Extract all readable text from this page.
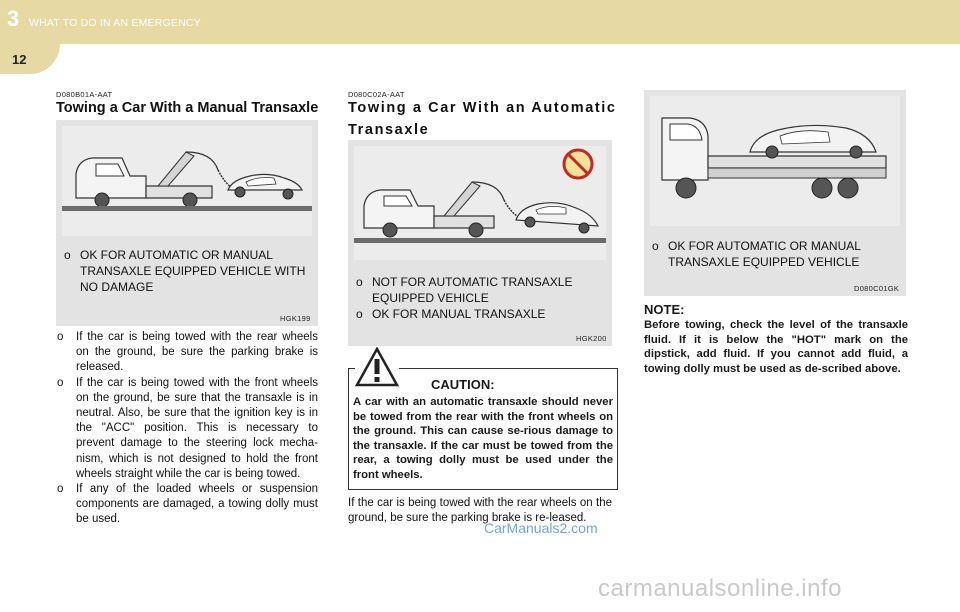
3 WHAT TO DO IN AN EMERGENCY
12
D080B01A-AAT
Towing a Car With a Manual Transaxle
o OK FOR AUTOMATIC OR MANUAL TRANSAXLE EQUIPPED VEHICLE WITH NO DAMAGE
HGK199
o If the car is being towed with the rear wheels on the ground, be sure the parking brake is released.
o If the car is being towed with the front wheels on the ground, be sure that the transaxle is in neutral. Also, be sure that the ignition key is in the "ACC" position. This is necessary to prevent damage to the steering lock mecha-nism, which is not designed to hold the front wheels straight while the car is being towed.
o If any of the loaded wheels or suspension components are damaged, a towing dolly must be used.
D080C02A-AAT
Towing a Car With an Automatic
Transaxle
o NOT FOR AUTOMATIC TRANSAXLE EQUIPPED VEHICLE
o OK FOR MANUAL TRANSAXLE
HGK200
CAUTION:
A car with an automatic transaxle should never be towed from the rear with the front wheels on the ground. This can cause se-rious damage to the transaxle. If the car must be towed from the rear, a towing dolly must be used under the front wheels.
If the car is being towed with the rear wheels on the ground, be sure the parking brake is re-leased.
o OK FOR AUTOMATIC OR MANUAL TRANSAXLE EQUIPPED VEHICLE
D080C01GK
NOTE:
Before towing, check the level of the transaxle fluid. If it is below the "HOT" mark on the dipstick, add fluid. If you cannot add fluid, a towing dolly must be used as de-scribed above.
CarManuals2.com
carmanualsonline.info
